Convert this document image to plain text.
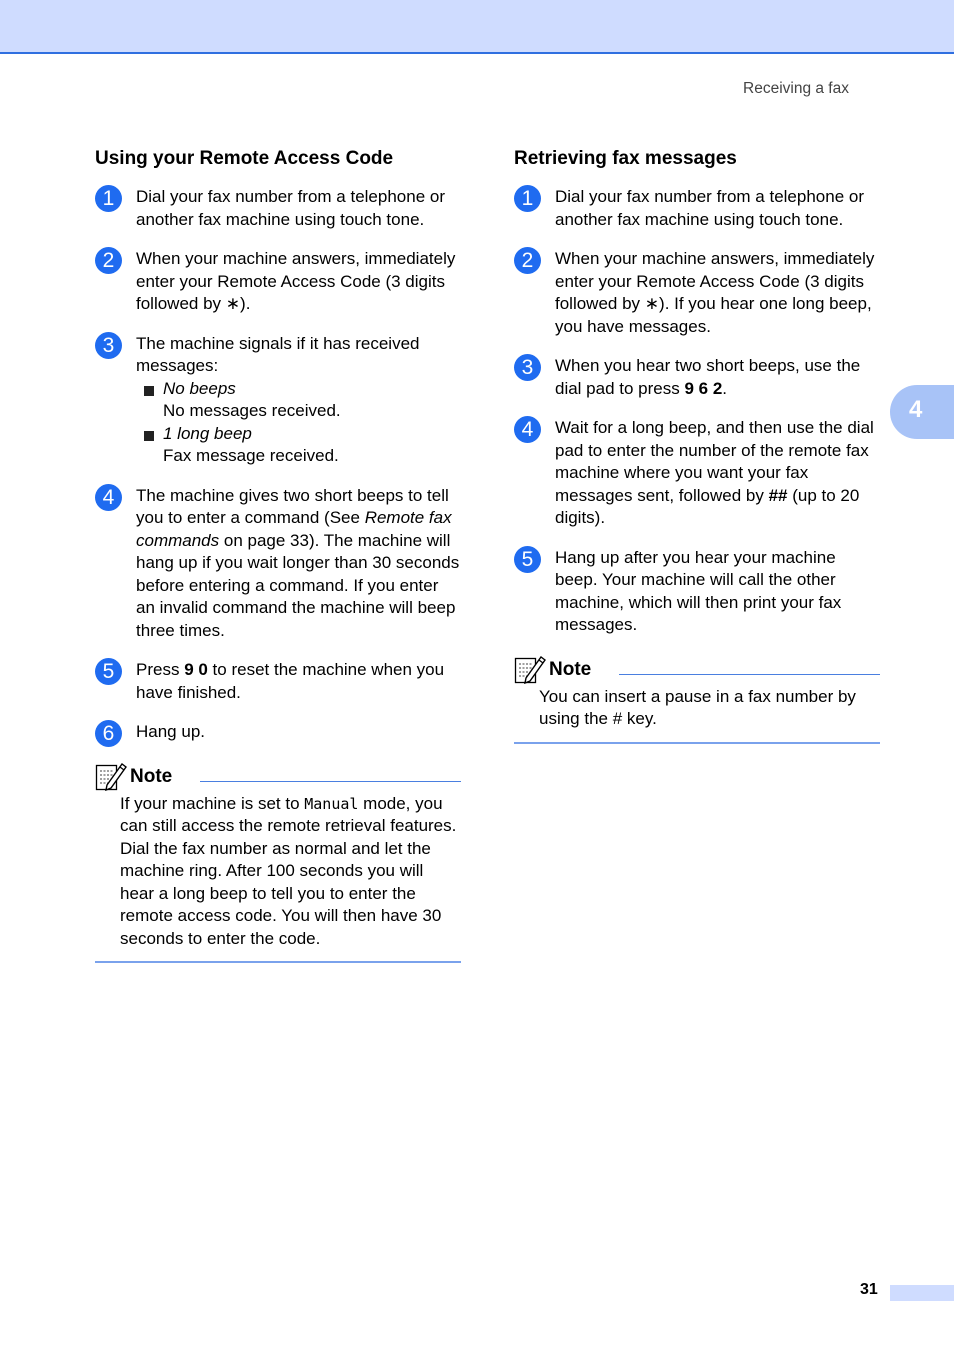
Receiving a fax
4
Using your Remote Access Code
1	Dial your fax number from a telephone or another fax machine using touch tone.

2	When your machine answers, immediately enter your Remote Access Code (3 digits followed by ∗).

3	The machine signals if it has received messages:

No beeps

No messages received.

1 long beep

Fax message received.

4	The machine gives two short beeps to tell you to enter a command (See Remote fax commands on page 33). The machine will hang up if you wait longer than 30 seconds before entering a command. If you enter an invalid command the machine will beep three times.

5	Press 9 0 to reset the machine when you have finished.

6	Hang up.

Note
If your machine is set to Manual mode, you can still access the remote retrieval features. Dial the fax number as normal and let the machine ring. After 100 seconds you will hear a long beep to tell you to enter the remote access code. You will then have 30 seconds to enter the code.
Retrieving fax messages
1	Dial your fax number from a telephone or another fax machine using touch tone.

2	When your machine answers, immediately enter your Remote Access Code (3 digits followed by ∗). If you hear one long beep, you have messages.

3	When you hear two short beeps, use the dial pad to press 9 6 2.

4	Wait for a long beep, and then use the dial pad to enter the number of the remote fax machine where you want your fax messages sent, followed by ## (up to 20 digits).

5	Hang up after you hear your machine beep. Your machine will call the other machine, which will then print your fax messages.

Note
You can insert a pause in a fax number by using the # key.
31
